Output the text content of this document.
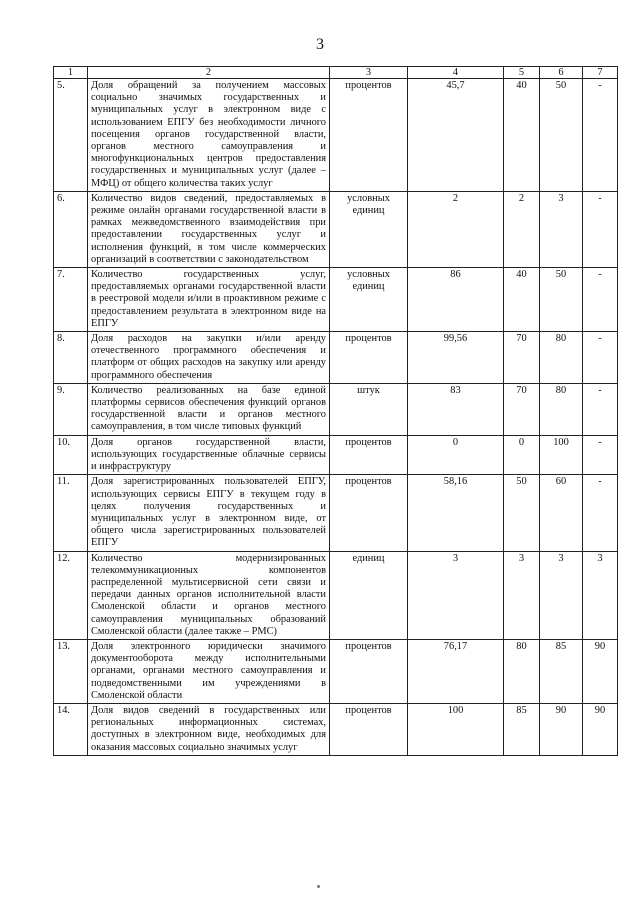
3
1	2	3	4	5	6	7
5.	Доля обращений за получением массовых социально значимых государственных и муниципальных услуг в электронном виде с использованием ЕПГУ без необходимости личного посещения органов государственной власти, органов местного самоуправления и многофункциональных центров предоставления государственных и муниципальных услуг (далее – МФЦ) от общего количества таких услуг	процентов	45,7	40	50	-
6.	Количество видов сведений, предоставляемых в режиме онлайн органами государственной власти в рамках межведомственного взаимодействия при предоставлении государственных услуг и исполнения функций, в том числе коммерческих организаций в соответствии с законодательством	условных единиц	2	2	3	-
7.	Количество государственных услуг, предоставляемых органами государственной власти в реестровой модели и/или в проактивном режиме с предоставлением результата в электронном виде на ЕПГУ	условных единиц	86	40	50	-
8.	Доля расходов на закупки и/или аренду отечественного программного обеспечения и платформ от общих расходов на закупку или аренду программного обеспечения	процентов	99,56	70	80	-
9.	Количество реализованных на базе единой платформы сервисов обеспечения функций органов государственной власти и органов местного самоуправления, в том числе типовых функций	штук	83	70	80	-
10.	Доля органов государственной власти, использующих государственные облачные сервисы и инфраструктуру	процентов	0	0	100	-
11.	Доля зарегистрированных пользователей ЕПГУ, использующих сервисы ЕПГУ в текущем году в целях получения государственных и муниципальных услуг в электронном виде, от общего числа зарегистрированных пользователей ЕПГУ	процентов	58,16	50	60	-
12.	Количество модернизированных телекоммуникационных компонентов распределенной мультисервисной сети связи и передачи данных органов исполнительной власти Смоленской области и органов местного самоуправления муниципальных образований Смоленской области (далее также – РМС)	единиц	3	3	3	3
13.	Доля электронного юридически значимого документооборота между исполнительными органами, органами местного самоуправления и подведомственными им учреждениями в Смоленской области	процентов	76,17	80	85	90
14.	Доля видов сведений в государственных или региональных информационных системах, доступных в электронном виде, необходимых для оказания массовых социально значимых услуг	процентов	100	85	90	90
